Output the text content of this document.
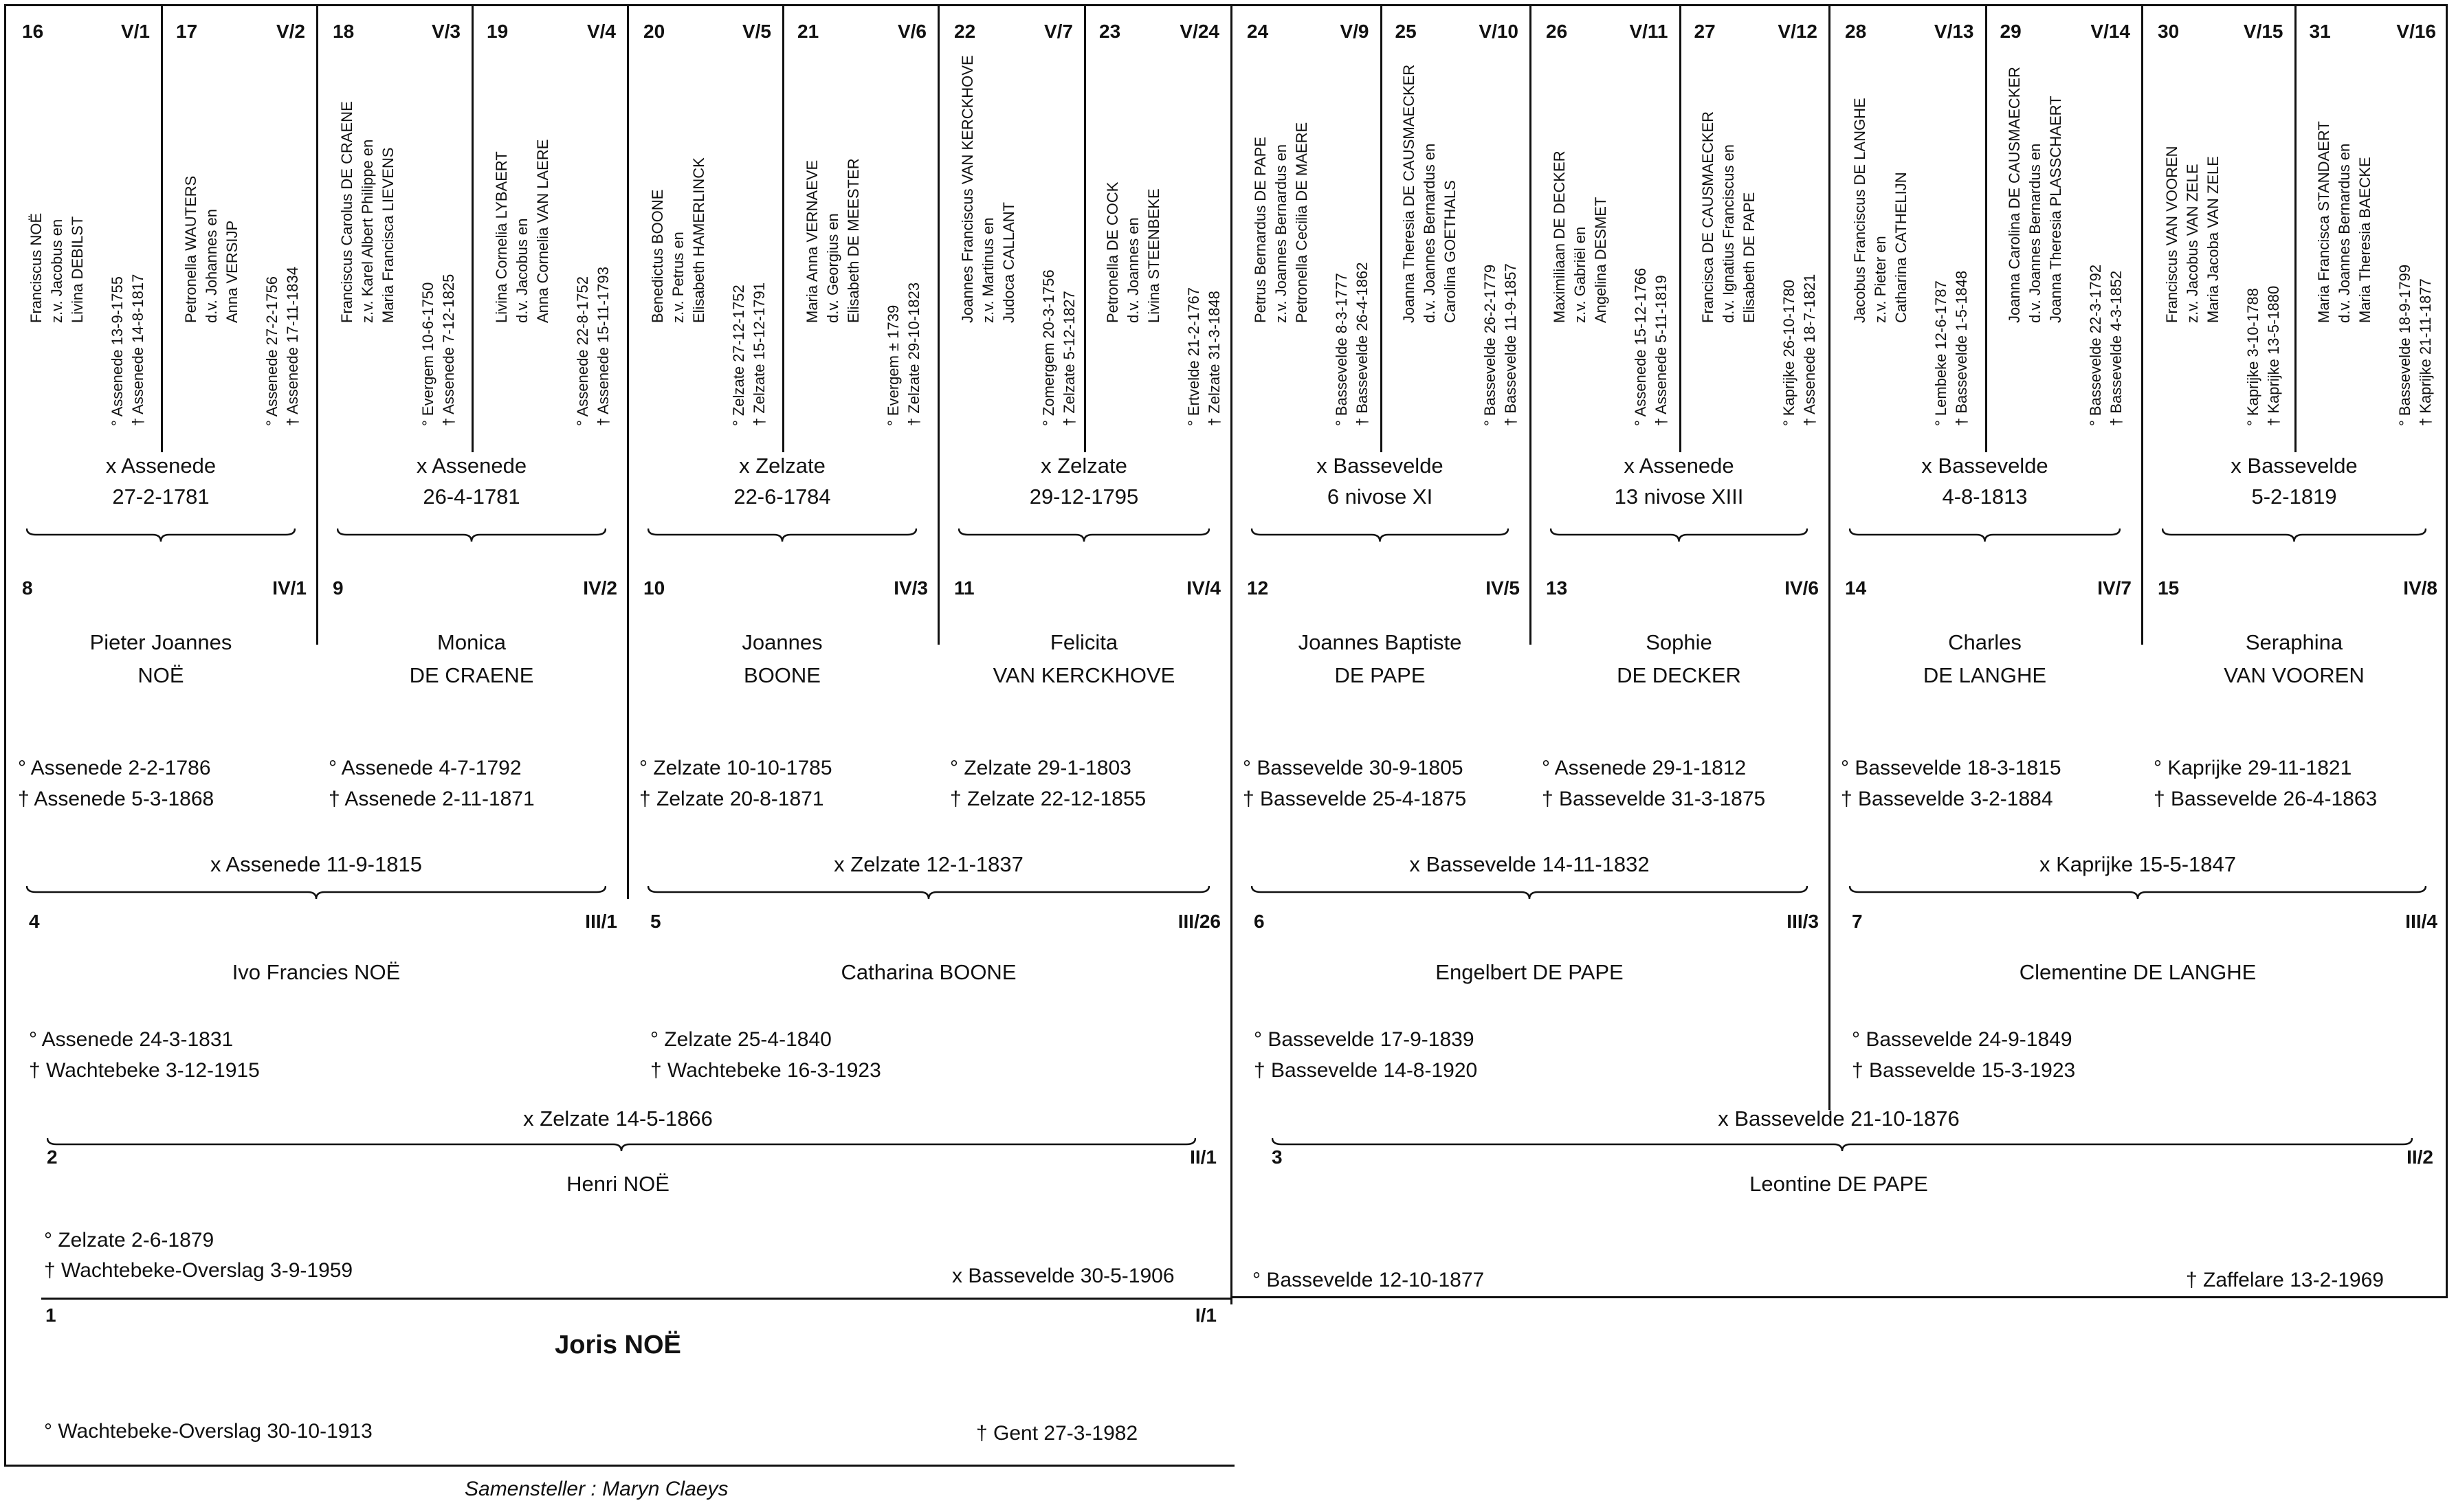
16	V/1
Franciscus NOË z.v. Jacobus en Livina DEBILST
° Assenede 13-9-1755 † Assenede 14-8-1817
17	V/2
Petronella WAUTERS d.v. Johannes en Anna VERSIJP
° Assenede 27-2-1756 † Assenede 17-11-1834
18	V/3
Franciscus Carolus DE CRAENE z.v. Karel Albert Philippe en Maria Francisca LIEVENS
° Evergem 10-6-1750 † Assenede 7-12-1825
19	V/4
Livina Cornelia LYBAERT d.v. Jacobus en Anna Cornelia VAN LAERE
° Assenede 22-8-1752 † Assenede 15-11-1793
20	V/5
Benedictus BOONE z.v. Petrus en Elisabeth HAMERLINCK
° Zelzate 27-12-1752 † Zelzate 15-12-1791
21	V/6
Maria Anna VERNAEVE d.v. Georgius en Elisabeth DE MEESTER
° Evergem ± 1739 † Zelzate 29-10-1823
22	V/7
Joannes Franciscus VAN KERCKHOVE z.v. Martinus en Judoca CALLANT
° Zomergem 20-3-1756 † Zelzate 5-12-1827
23	V/24
Petronella DE COCK d.v. Joannes en Livina STEENBEKE
° Ertvelde 21-2-1767 † Zelzate 31-3-1848
24	V/9
Petrus Bernardus DE PAPE z.v. Joannes Bernardus en Petronella Cecilia DE MAERE
° Bassevelde 8-3-1777 † Bassevelde 26-4-1862
25	V/10
Joanna Theresia DE CAUSMAECKER d.v. Joannes Bernardus en Carolina GOETHALS
° Bassevelde 26-2-1779 † Bassevelde 11-9-1857
26	V/11
Maximiliaan DE DECKER z.v. Gabriël en Angelina DESMET
° Assenede 15-12-1766 † Assenede 5-11-1819
27	V/12
Francisca DE CAUSMAECKER d.v. Ignatius Franciscus en Elisabeth DE PAPE
° Kaprijke 26-10-1780 † Assenede 18-7-1821
28	V/13
Jacobus Franciscus DE LANGHE z.v. Pieter en Catharina CATHELIJN
° Lembeke 12-6-1787 † Bassevelde 1-5-1848
29	V/14
Joanna Carolina DE CAUSMAECKER d.v. Joannes Bernardus en Joanna Theresia PLASSCHAERT
° Bassevelde 22-3-1792 † Bassevelde 4-3-1852
30	V/15
Franciscus VAN VOOREN z.v. Jacobus VAN ZELE Maria Jacoba VAN ZELE
° Kaprijke 3-10-1788 † Kaprijke 13-5-1880
31	V/16
Maria Francisca STANDAERT d.v. Joannes Bernardus en Maria Theresia BAECKE
° Bassevelde 18-9-1799 † Kaprijke 21-11-1877
x Assenede
27-2-1781
x Assenede
26-4-1781
x Zelzate
22-6-1784
x Zelzate
29-12-1795
x Bassevelde
6 nivose XI
x Assenede
13 nivose XIII
x Bassevelde
4-8-1813
x Bassevelde
5-2-1819
8	IV/1
Pieter Joannes
NOË
° Assenede 2-2-1786
† Assenede 5-3-1868
9	IV/2
Monica
DE CRAENE
° Assenede 4-7-1792
† Assenede 2-11-1871
10	IV/3
Joannes
BOONE
° Zelzate 10-10-1785
† Zelzate 20-8-1871
11	IV/4
Felicita
VAN KERCKHOVE
° Zelzate 29-1-1803
† Zelzate 22-12-1855
12	IV/5
Joannes Baptiste
DE PAPE
° Bassevelde 30-9-1805
† Bassevelde 25-4-1875
13	IV/6
Sophie
DE DECKER
° Assenede 29-1-1812
† Bassevelde 31-3-1875
14	IV/7
Charles
DE LANGHE
° Bassevelde 18-3-1815
† Bassevelde 3-2-1884
15	IV/8
Seraphina
VAN VOOREN
° Kaprijke 29-11-1821
† Bassevelde 26-4-1863
x Assenede 11-9-1815	x Zelzate 12-1-1837	x Bassevelde 14-11-1832	x Kaprijke 15-5-1847
4	III/1
Ivo Francies NOË
° Assenede 24-3-1831
† Wachtebeke 3-12-1915
5	III/26
Catharina BOONE
° Zelzate 25-4-1840
† Wachtebeke 16-3-1923
6	III/3
Engelbert DE PAPE
° Bassevelde 17-9-1839
† Bassevelde 14-8-1920
7	III/4
Clementine DE LANGHE
° Bassevelde 24-9-1849
† Bassevelde 15-3-1923
x Zelzate 14-5-1866	x Bassevelde 21-10-1876
2	II/1
Henri NOË
3	II/2
Leontine DE PAPE
° Zelzate 2-6-1879
† Wachtebeke-Overslag 3-9-1959	x Bassevelde 30-5-1906	° Bassevelde 12-10-1877	† Zaffelare 13-2-1969
1	I/1
Joris NOË
° Wachtebeke-Overslag 30-10-1913	† Gent 27-3-1982
Samensteller : Maryn Claeys
